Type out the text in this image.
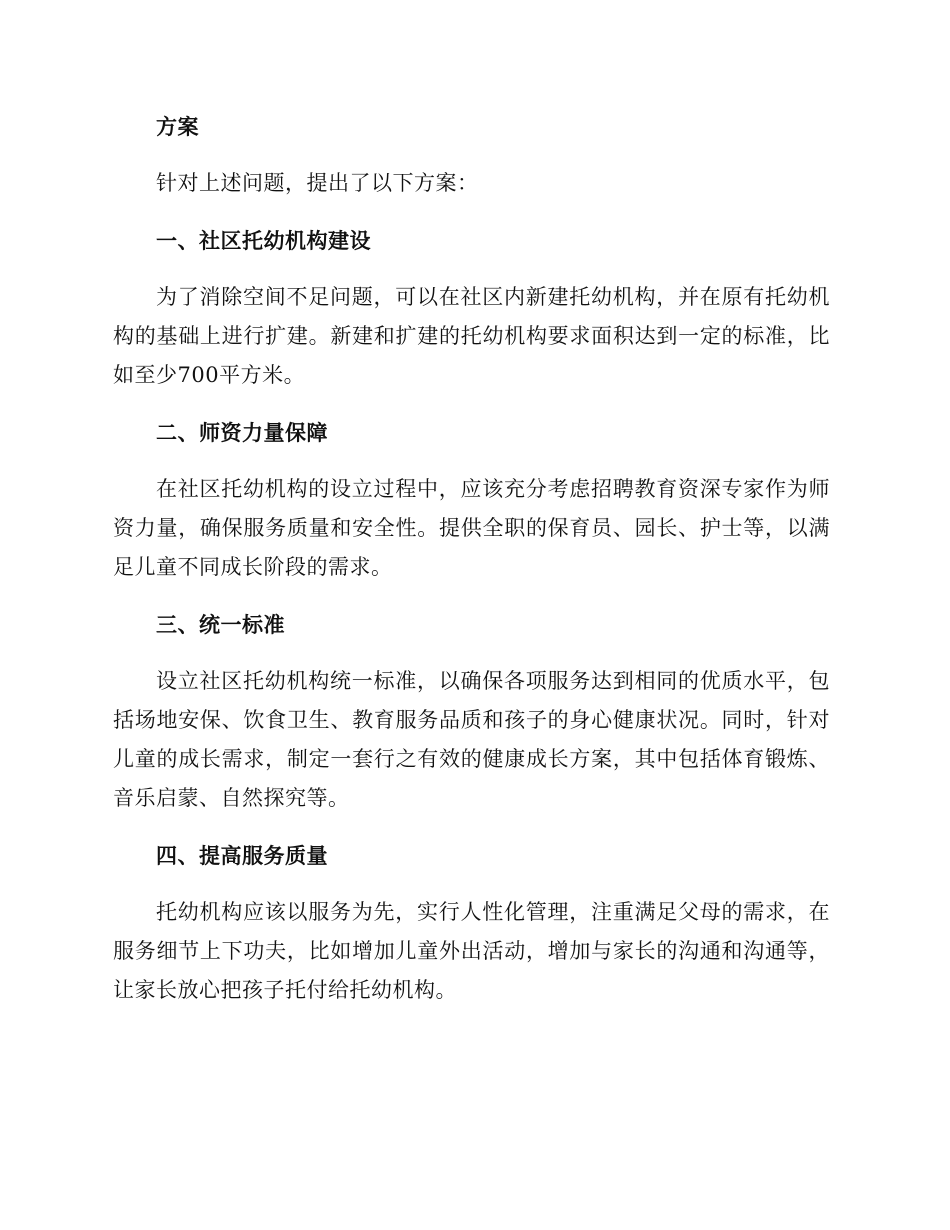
方案

针对上述问题，提出了以下方案：

一、社区托幼机构建设

为了消除空间不足问题，可以在社区内新建托幼机构，并在原有托幼机构的基础上进行扩建。新建和扩建的托幼机构要求面积达到一定的标准，比如至少700平方米。

二、师资力量保障

在社区托幼机构的设立过程中，应该充分考虑招聘教育资深专家作为师资力量，确保服务质量和安全性。提供全职的保育员、园长、护士等，以满足儿童不同成长阶段的需求。

三、统一标准

设立社区托幼机构统一标准，以确保各项服务达到相同的优质水平，包括场地安保、饮食卫生、教育服务品质和孩子的身心健康状况。同时，针对儿童的成长需求，制定一套行之有效的健康成长方案，其中包括体育锻炼、音乐启蒙、自然探究等。

四、提高服务质量

托幼机构应该以服务为先，实行人性化管理，注重满足父母的需求，在服务细节上下功夫，比如增加儿童外出活动，增加与家长的沟通和沟通等，让家长放心把孩子托付给托幼机构。
